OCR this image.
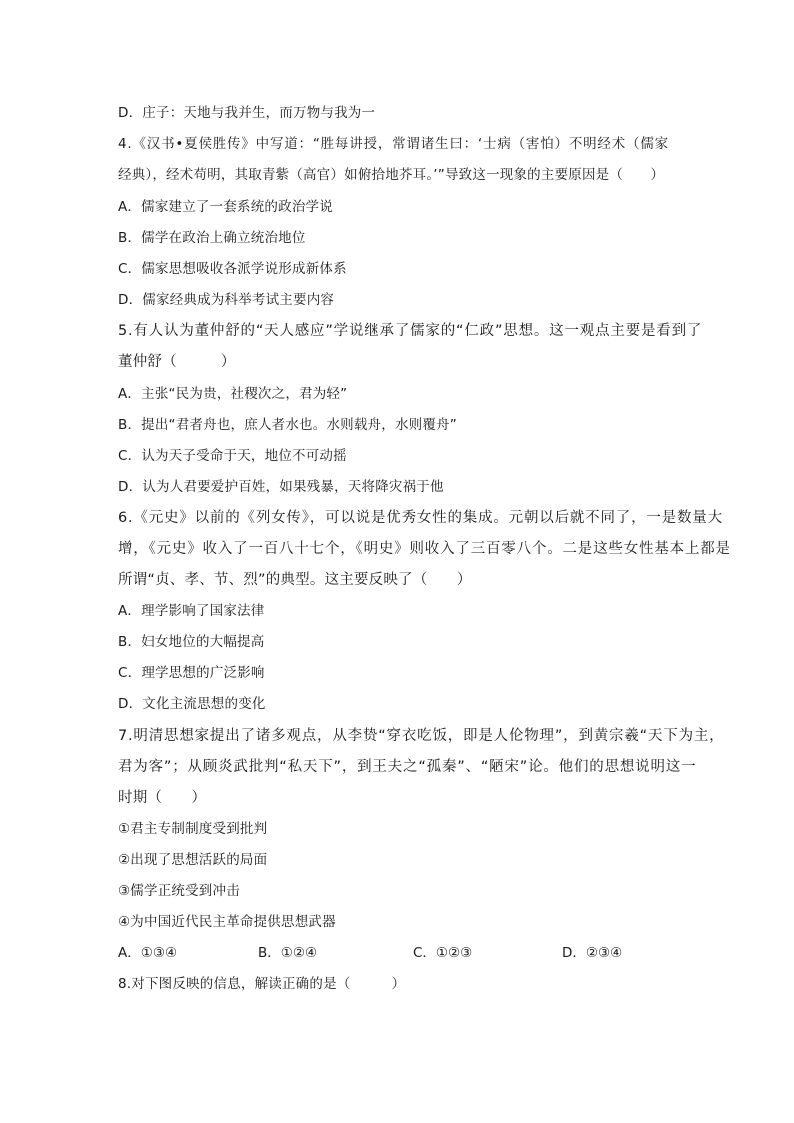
D．庄子：天地与我并生，而万物与我为一
4.《汉书•夏侯胜传》中写道：“胜每讲授，常谓诸生曰：‘士病（害怕）不明经术（儒家
经典），经术苟明，其取青紫（高官）如俯拾地芥耳。’”导致这一现象的主要原因是（　　）
A．儒家建立了一套系统的政治学说
B．儒学在政治上确立统治地位
C．儒家思想吸收各派学说形成新体系
D．儒家经典成为科举考试主要内容
5.有人认为董仲舒的“天人感应”学说继承了儒家的“仁政”思想。这一观点主要是看到了
董仲舒（　　　）
A．主张“民为贵，社稷次之，君为轻”
B．提出“君者舟也，庶人者水也。水则载舟，水则覆舟”
C．认为天子受命于天，地位不可动摇
D．认为人君要爱护百姓，如果残暴，天将降灾祸于他
6.《元史》以前的《列女传》，可以说是优秀女性的集成。元朝以后就不同了，一是数量大
增，《元史》收入了一百八十七个，《明史》则收入了三百零八个。二是这些女性基本上都是
所谓“贞、孝、节、烈”的典型。这主要反映了（　　）
A．理学影响了国家法律
B．妇女地位的大幅提高
C．理学思想的广泛影响
D．文化主流思想的变化
7.明清思想家提出了诸多观点，从李贽“穿衣吃饭，即是人伦物理”，到黄宗羲“天下为主，
君为客”；从顾炎武批判“私天下”，到王夫之“孤秦”、“陋宋”论。他们的思想说明这一
时期（　　）
①君主专制制度受到批判
②出现了思想活跃的局面
③儒学正统受到冲击
④为中国近代民主革命提供思想武器
A．①③④	B．①②④	C．①②③	D．②③④
8.对下图反映的信息，解读正确的是（　　　）
